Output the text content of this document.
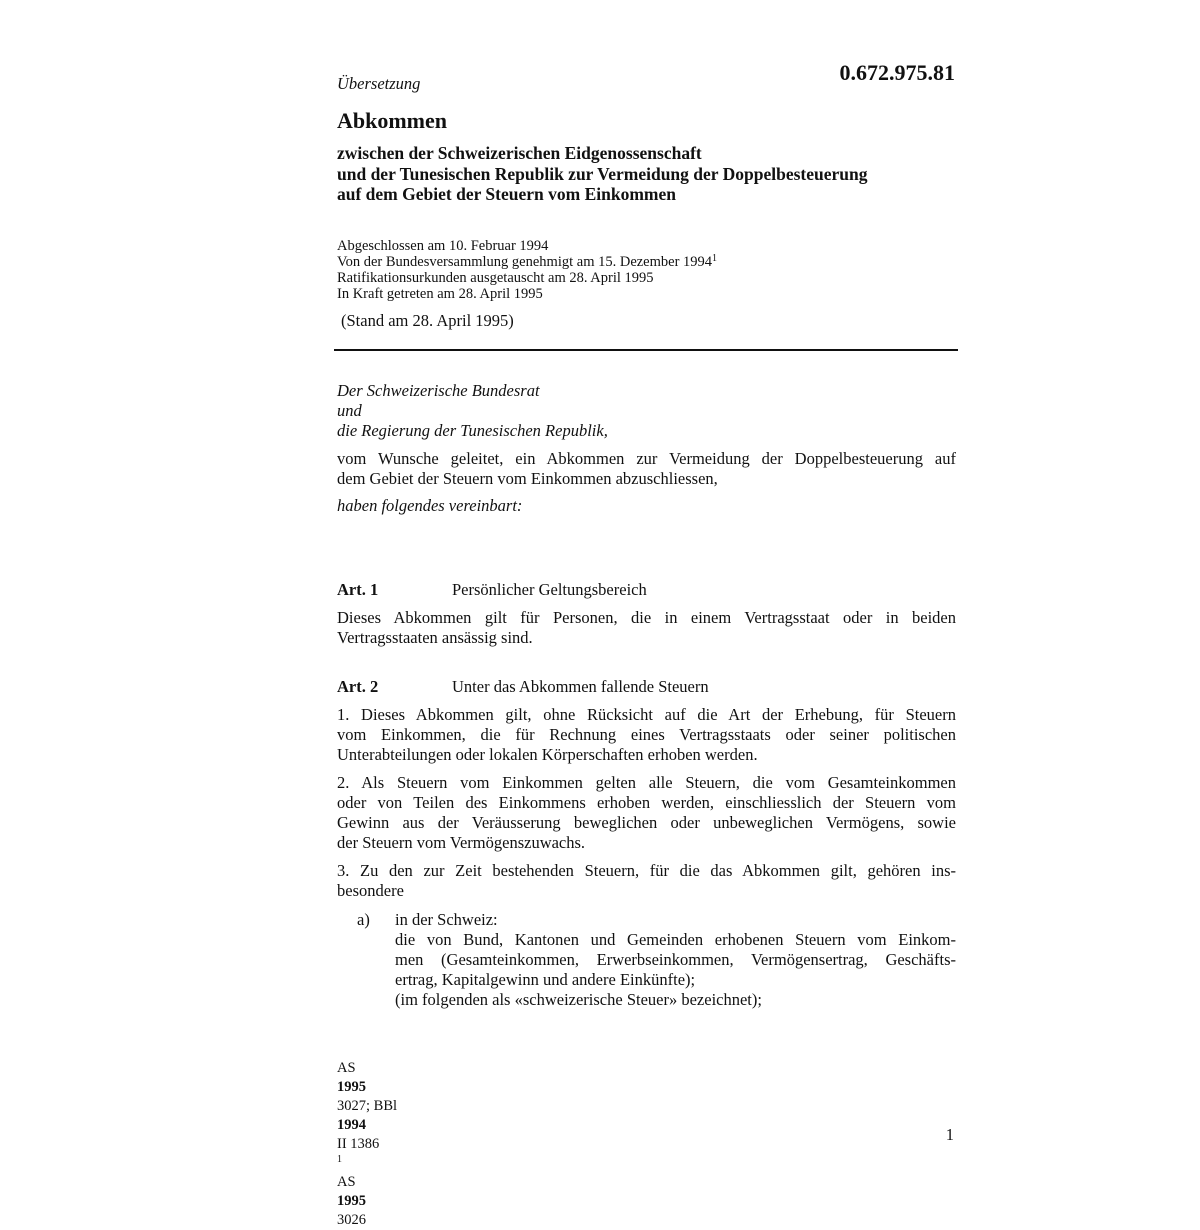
Übersetzung	0.672.975.81
Abkommen
zwischen der Schweizerischen Eidgenossenschaft
und der Tunesischen Republik zur Vermeidung der Doppelbesteuerung
auf dem Gebiet der Steuern vom Einkommen
Abgeschlossen am 10. Februar 1994
Von der Bundesversammlung genehmigt am 15. Dezember 1994$^1$
Ratifikationsurkunden ausgetauscht am 28. April 1995
In Kraft getreten am 28. April 1995
(Stand am 28. April 1995)
Der Schweizerische Bundesrat
und
die Regierung der Tunesischen Republik,
vom Wunsche geleitet, ein Abkommen zur Vermeidung der Doppelbesteuerung auf
dem Gebiet der Steuern vom Einkommen abzuschliessen,
haben folgendes vereinbart:
Art. 1	Persönlicher Geltungsbereich
Dieses Abkommen gilt für Personen, die in einem Vertragsstaat oder in beiden
Vertragsstaaten ansässig sind.
Art. 2	Unter das Abkommen fallende Steuern
1. Dieses Abkommen gilt, ohne Rücksicht auf die Art der Erhebung, für Steuern
vom Einkommen, die für Rechnung eines Vertragsstaats oder seiner politischen
Unterabteilungen oder lokalen Körperschaften erhoben werden.
2. Als Steuern vom Einkommen gelten alle Steuern, die vom Gesamteinkommen
oder von Teilen des Einkommens erhoben werden, einschliesslich der Steuern vom
Gewinn aus der Veräusserung beweglichen oder unbeweglichen Vermögens, sowie
der Steuern vom Vermögenszuwachs.
3. Zu den zur Zeit bestehenden Steuern, für die das Abkommen gilt, gehören ins-
besondere
a) in der Schweiz:
die von Bund, Kantonen und Gemeinden erhobenen Steuern vom Einkom-
men (Gesamteinkommen, Erwerbseinkommen, Vermögensertrag, Geschäfts-
ertrag, Kapitalgewinn und andere Einkünfte);
(im folgenden als «schweizerische Steuer» bezeichnet);
AS
1995
3027; BBl
1994
II 1386
$^1$
AS
1995
3026
1
